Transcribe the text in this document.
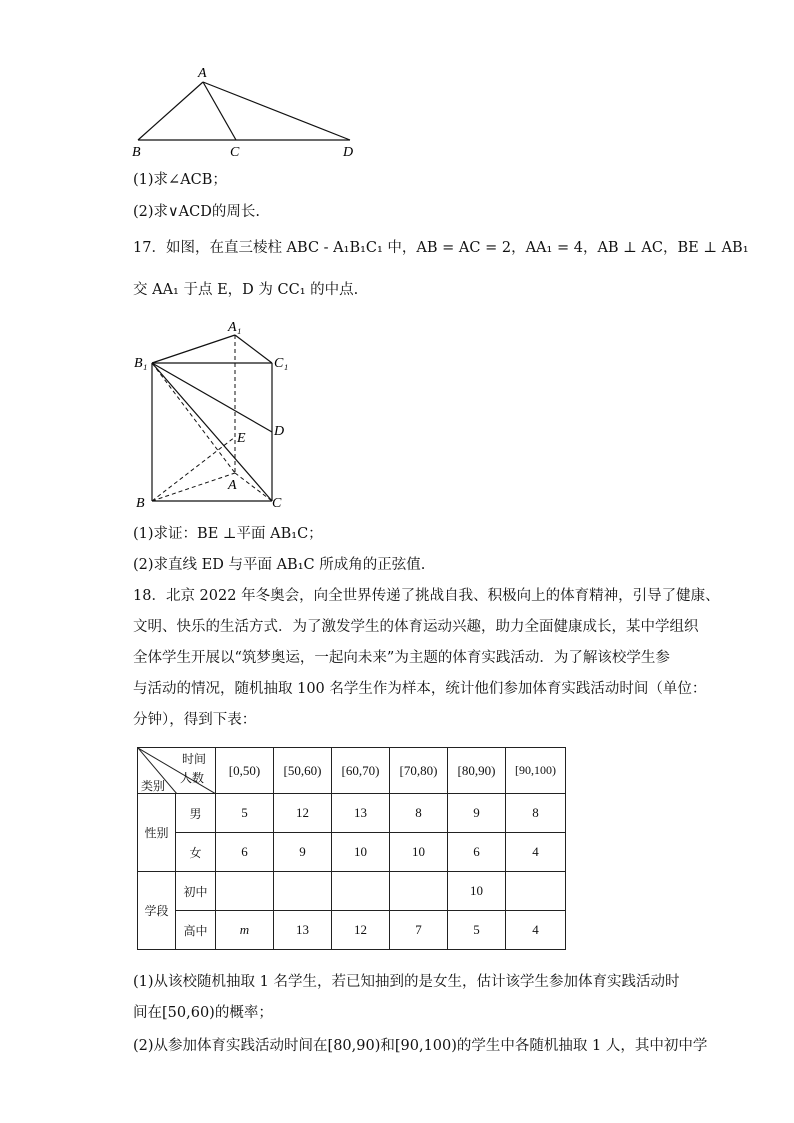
A
B	C	D
(1)求∠ACB；
(2)求∨ACD的周长.
17．如图，在直三棱柱 ABC - A₁B₁C₁ 中，AB = AC = 2，AA₁ = 4，AB ⊥ AC，BE ⊥ AB₁
交 AA₁ 于点 E，D 为 CC₁ 的中点.
A₁
B₁	C₁
D
E
A
B	C
(1)求证：BE ⊥平面 AB₁C；
(2)求直线 ED 与平面 AB₁C 所成角的正弦值.
18．北京 2022 年冬奥会，向全世界传递了挑战自我、积极向上的体育精神，引导了健康、
文明、快乐的生活方式．为了激发学生的体育运动兴趣，助力全面健康成长，某中学组织
全体学生开展以“筑梦奥运，一起向未来”为主题的体育实践活动．为了解该校学生参
与活动的情况，随机抽取 100 名学生作为样本，统计他们参加体育实践活动时间（单位：
分钟），得到下表：
时间
人数
类别		[0,50)	[50,60)	[60,70)	[70,80)	[80,90)	[90,100)
性别	男	5	12	13	8	9	8
	女	6	9	10	10	6	4
学段	初中					10	
	高中	m	13	12	7	5	4
(1)从该校随机抽取 1 名学生，若已知抽到的是女生，估计该学生参加体育实践活动时
间在[50,60)的概率；
(2)从参加体育实践活动时间在[80,90)和[90,100)的学生中各随机抽取 1 人，其中初中学
